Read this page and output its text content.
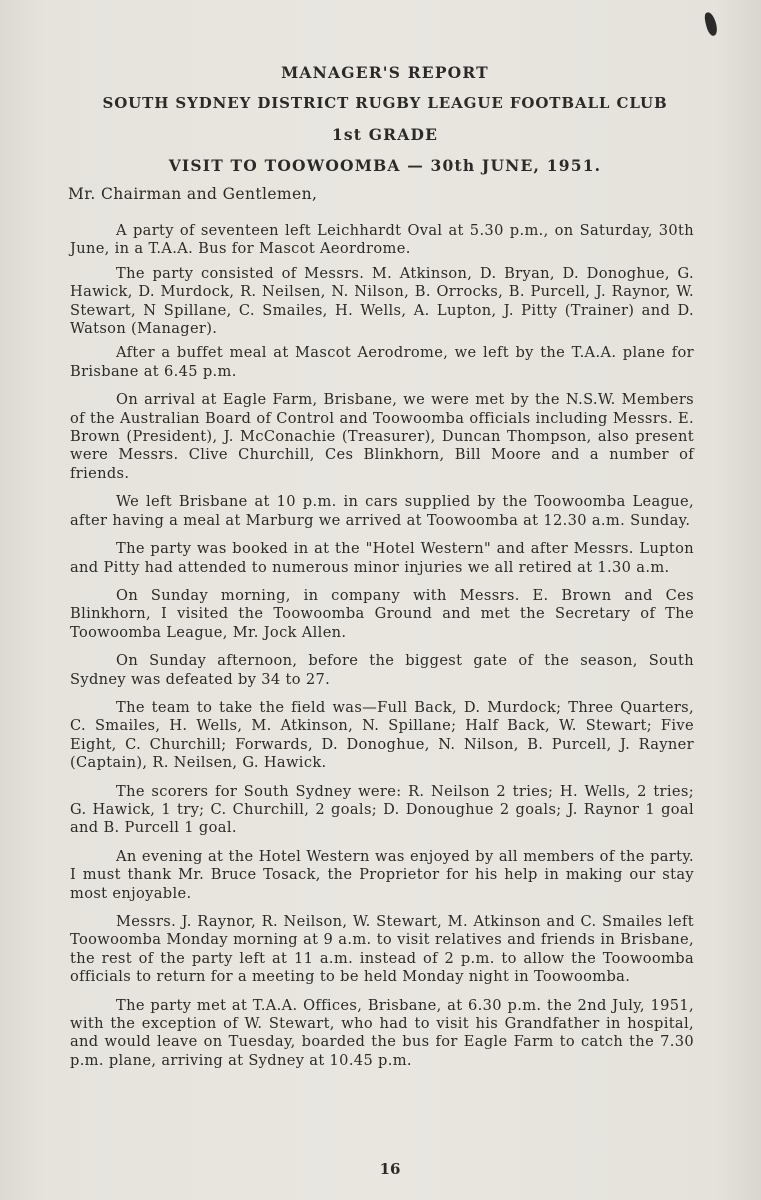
MANAGER'S REPORT
SOUTH SYDNEY DISTRICT RUGBY LEAGUE FOOTBALL CLUB
1st GRADE
VISIT TO TOOWOOMBA — 30th JUNE, 1951.
Mr. Chairman and Gentlemen,

A party of seventeen left Leichhardt Oval at 5.30 p.m., on Saturday, 30th June, in a T.A.A. Bus for Mascot Aeordrome.

The party consisted of Messrs. M. Atkinson, D. Bryan, D. Donoghue, G. Hawick, D. Murdock, R. Neilsen, N. Nilson, B. Orrocks, B. Purcell, J. Raynor, W. Stewart, N Spillane, C. Smailes, H. Wells, A. Lupton, J. Pitty (Trainer) and D. Watson (Manager).

After a buffet meal at Mascot Aerodrome, we left by the T.A.A. plane for Brisbane at 6.45 p.m.

On arrival at Eagle Farm, Brisbane, we were met by the N.S.W. Members of the Australian Board of Control and Toowoomba officials including Messrs. E. Brown (President), J. McConachie (Treasurer), Duncan Thompson, also present were Messrs. Clive Churchill, Ces Blinkhorn, Bill Moore and a number of friends.

We left Brisbane at 10 p.m. in cars supplied by the Toowoomba League, after having a meal at Marburg we arrived at Toowoomba at 12.30 a.m. Sunday.

The party was booked in at the "Hotel Western" and after Messrs. Lupton and Pitty had attended to numerous minor injuries we all retired at 1.30 a.m.

On Sunday morning, in company with Messrs. E. Brown and Ces Blinkhorn, I visited the Toowoomba Ground and met the Secretary of The Toowoomba League, Mr. Jock Allen.

On Sunday afternoon, before the biggest gate of the season, South Sydney was defeated by 34 to 27.

The team to take the field was—Full Back, D. Murdock; Three Quarters, C. Smailes, H. Wells, M. Atkinson, N. Spillane; Half Back, W. Stewart; Five Eight, C. Churchill; Forwards, D. Donoghue, N. Nilson, B. Purcell, J. Rayner (Captain), R. Neilsen, G. Hawick.

The scorers for South Sydney were: R. Neilson 2 tries; H. Wells, 2 tries; G. Hawick, 1 try; C. Churchill, 2 goals; D. Donoughue 2 goals; J. Raynor 1 goal and B. Purcell 1 goal.

An evening at the Hotel Western was enjoyed by all members of the party. I must thank Mr. Bruce Tosack, the Proprietor for his help in making our stay most enjoyable.

Messrs. J. Raynor, R. Neilson, W. Stewart, M. Atkinson and C. Smailes left Toowoomba Monday morning at 9 a.m. to visit relatives and friends in Brisbane, the rest of the party left at 11 a.m. instead of 2 p.m. to allow the Toowoomba officials to return for a meeting to be held Monday night in Toowoomba.

The party met at T.A.A. Offices, Brisbane, at 6.30 p.m. the 2nd July, 1951, with the exception of W. Stewart, who had to visit his Grandfather in hospital, and would leave on Tuesday, boarded the bus for Eagle Farm to catch the 7.30 p.m. plane, arriving at Sydney at 10.45 p.m.

16
